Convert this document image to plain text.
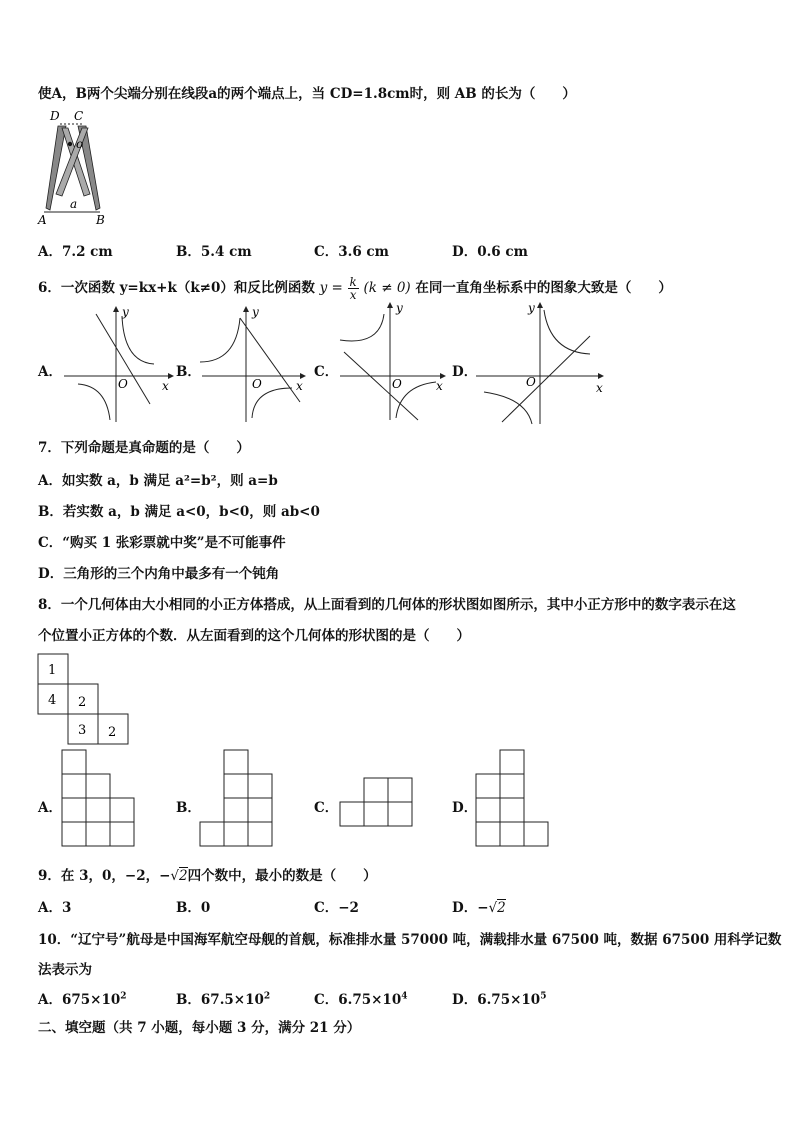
使A，B两个尖端分别在线段a的两个端点上，当 CD=1.8cm时，则 AB 的长为（　　）
D C
o
A
a
B
A．7.2 cm	B．5.4 cm	C．3.6 cm	D．0.6 cm
6．一次函数 y=kx+k（k≠0）和反比例函数 $y = \frac{k}{x} (k \ne 0)$ 在同一直角坐标系中的图象大致是（　　）
A．
y
x
O
B．
y
x
O
C．
y
x
O
D．
y
x
O
7．下列命题是真命题的是（　　）
A．如实数 a，b 满足 a²=b²，则 a=b
B．若实数 a，b 满足 a<0，b<0，则 ab<0
C．“购买 1 张彩票就中奖”是不可能事件
D．三角形的三个内角中最多有一个钝角
8．一个几何体由大小相同的小正方体搭成，从上面看到的几何体的形状图如图所示，其中小正方形中的数字表示在这
个位置小正方体的个数．从左面看到的这个几何体的形状图的是（　　）
1
4 2
3 2
A．	B．	C．	D．
9．在 3，0，−2，−√2四个数中，最小的数是（　　）
A．3	B．0	C．−2	D．−√2
10．“辽宁号”航母是中国海军航空母舰的首舰，标准排水量 57000 吨，满载排水量 67500 吨，数据 67500 用科学记数
法表示为
A．$675\times 10^2$	B．$67.5\times 10^2$	C．$6.75\times 10^4$	D．$6.75\times 10^5$
二、填空题（共 7 小题，每小题 3 分，满分 21 分）
